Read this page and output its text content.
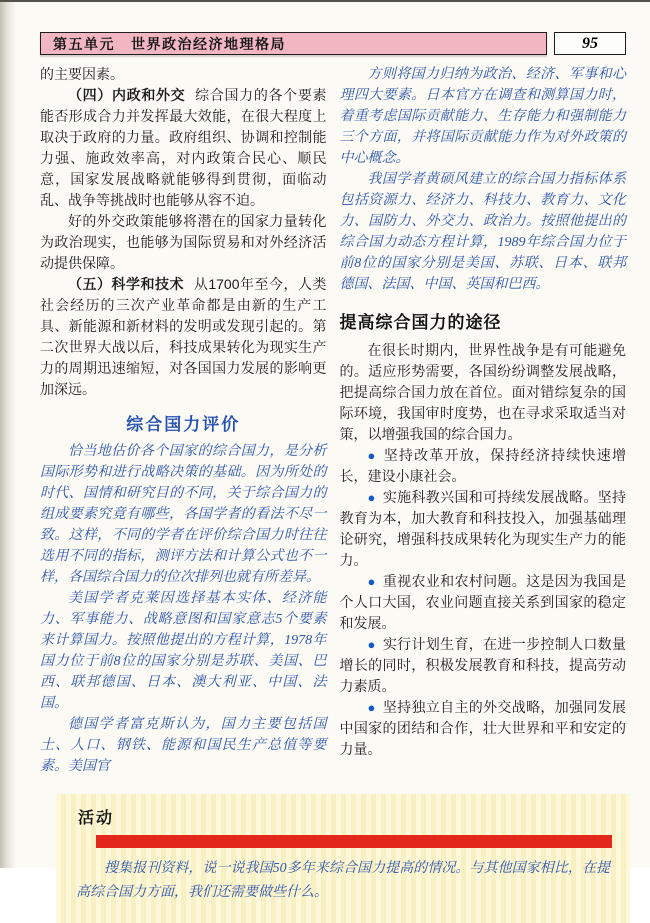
第五单元 世界政治经济地理格局	95

的主要因素。

（四）内政和外交 综合国力的各个要素能否形成合力并发挥最大效能，在很大程度上取决于政府的力量。政府组织、协调和控制能力强、施政效率高，对内政策合民心、顺民意，国家发展战略就能够得到贯彻，面临动乱、战争等挑战时也能够从容不迫。

好的外交政策能够将潜在的国家力量转化为政治现实，也能够为国际贸易和对外经济活动提供保障。

（五）科学和技术 从1700年至今，人类社会经历的三次产业革命都是由新的生产工具、新能源和新材料的发明或发现引起的。第二次世界大战以后，科技成果转化为现实生产力的周期迅速缩短，对各国国力发展的影响更加深远。

综合国力评价

恰当地估价各个国家的综合国力，是分析国际形势和进行战略决策的基础。因为所处的时代、国情和研究目的不同，关于综合国力的组成要素究竟有哪些，各国学者的看法不尽一致。这样，不同的学者在评价综合国力时往往选用不同的指标，测评方法和计算公式也不一样，各国综合国力的位次排列也就有所差异。

美国学者克莱因选择基本实体、经济能力、军事能力、战略意图和国家意志5个要素来计算国力。按照他提出的方程计算，1978年国力位于前8位的国家分别是苏联、美国、巴西、联邦德国、日本、澳大利亚、中国、法国。

德国学者富克斯认为，国力主要包括国土、人口、钢铁、能源和国民生产总值等要素。美国官

方则将国力归纳为政治、经济、军事和心理四大要素。日本官方在调查和测算国力时，着重考虑国际贡献能力、生存能力和强制能力三个方面，并将国际贡献能力作为对外政策的中心概念。

我国学者黄硕风建立的综合国力指标体系包括资源力、经济力、科技力、教育力、文化力、国防力、外交力、政治力。按照他提出的综合国力动态方程计算，1989年综合国力位于前8位的国家分别是美国、苏联、日本、联邦德国、法国、中国、英国和巴西。

提高综合国力的途径

在很长时期内，世界性战争是有可能避免的。适应形势需要，各国纷纷调整发展战略，把提高综合国力放在首位。面对错综复杂的国际环境，我国审时度势，也在寻求采取适当对策，以增强我国的综合国力。

● 坚持改革开放，保持经济持续快速增长，建设小康社会。

● 实施科教兴国和可持续发展战略。坚持教育为本，加大教育和科技投入，加强基础理论研究，增强科技成果转化为现实生产力的能力。

● 重视农业和农村问题。这是因为我国是个人口大国，农业问题直接关系到国家的稳定和发展。

● 实行计划生育，在进一步控制人口数量增长的同时，积极发展教育和科技，提高劳动力素质。

● 坚持独立自主的外交战略，加强同发展中国家的团结和合作，壮大世界和平和安定的力量。

活动

搜集报刊资料，说一说我国50多年来综合国力提高的情况。与其他国家相比，在提高综合国力方面，我们还需要做些什么。
